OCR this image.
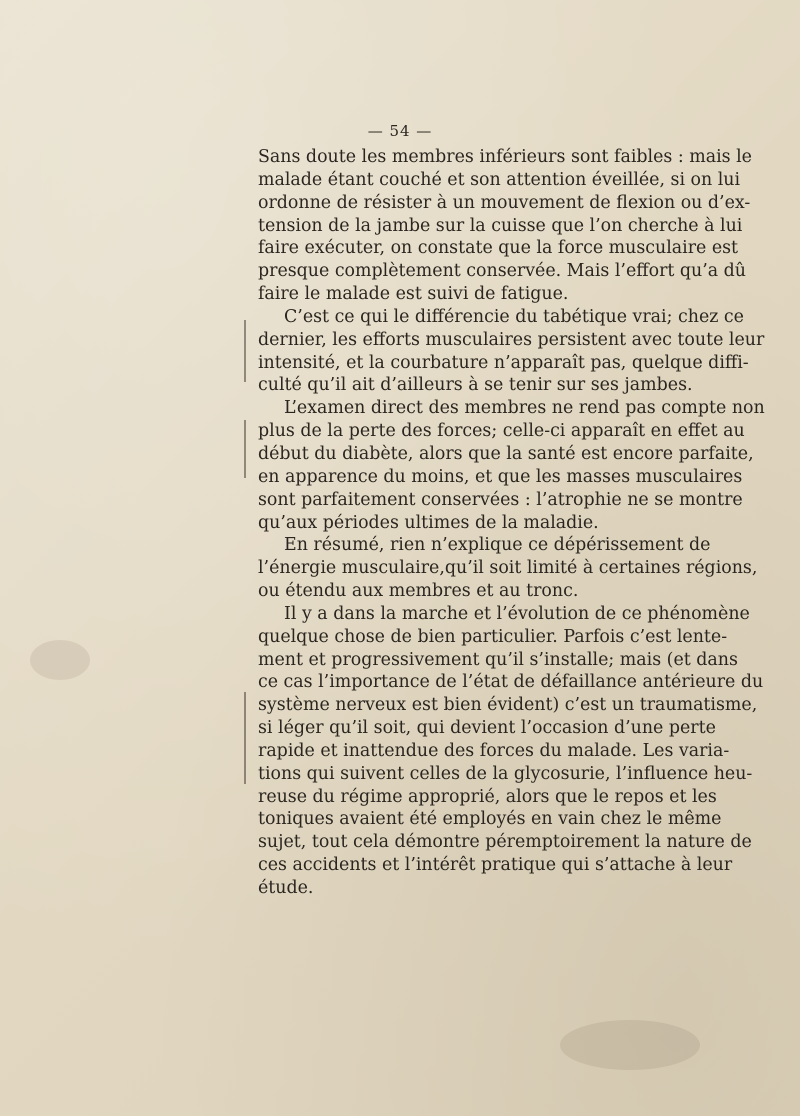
— 54 —
Sans doute les membres inférieurs sont faibles : mais le
malade étant couché et son attention éveillée, si on lui
ordonne de résister à un mouvement de flexion ou d’ex-
tension de la jambe sur la cuisse que l’on cherche à lui
faire exécuter, on constate que la force musculaire est
presque complètement conservée. Mais l’effort qu’a dû
faire le malade est suivi de fatigue.
C’est ce qui le différencie du tabétique vrai; chez ce
dernier, les efforts musculaires persistent avec toute leur
intensité, et la courbature n’apparaît pas, quelque diffi-
culté qu’il ait d’ailleurs à se tenir sur ses jambes.
L’examen direct des membres ne rend pas compte non
plus de la perte des forces; celle-ci apparaît en effet au
début du diabète, alors que la santé est encore parfaite,
en apparence du moins, et que les masses musculaires
sont parfaitement conservées : l’atrophie ne se montre
qu’aux périodes ultimes de la maladie.
En résumé, rien n’explique ce dépérissement de
l’énergie musculaire,qu’il soit limité à certaines régions,
ou étendu aux membres et au tronc.
Il y a dans la marche et l’évolution de ce phénomène
quelque chose de bien particulier. Parfois c’est lente-
ment et progressivement qu’il s’installe; mais (et dans
ce cas l’importance de l’état de défaillance antérieure du
système nerveux est bien évident) c’est un traumatisme,
si léger qu’il soit, qui devient l’occasion d’une perte
rapide et inattendue des forces du malade. Les varia-
tions qui suivent celles de la glycosurie, l’influence heu-
reuse du régime approprié, alors que le repos et les
toniques avaient été employés en vain chez le même
sujet, tout cela démontre péremptoirement la nature de
ces accidents et l’intérêt pratique qui s’attache à leur
étude.
